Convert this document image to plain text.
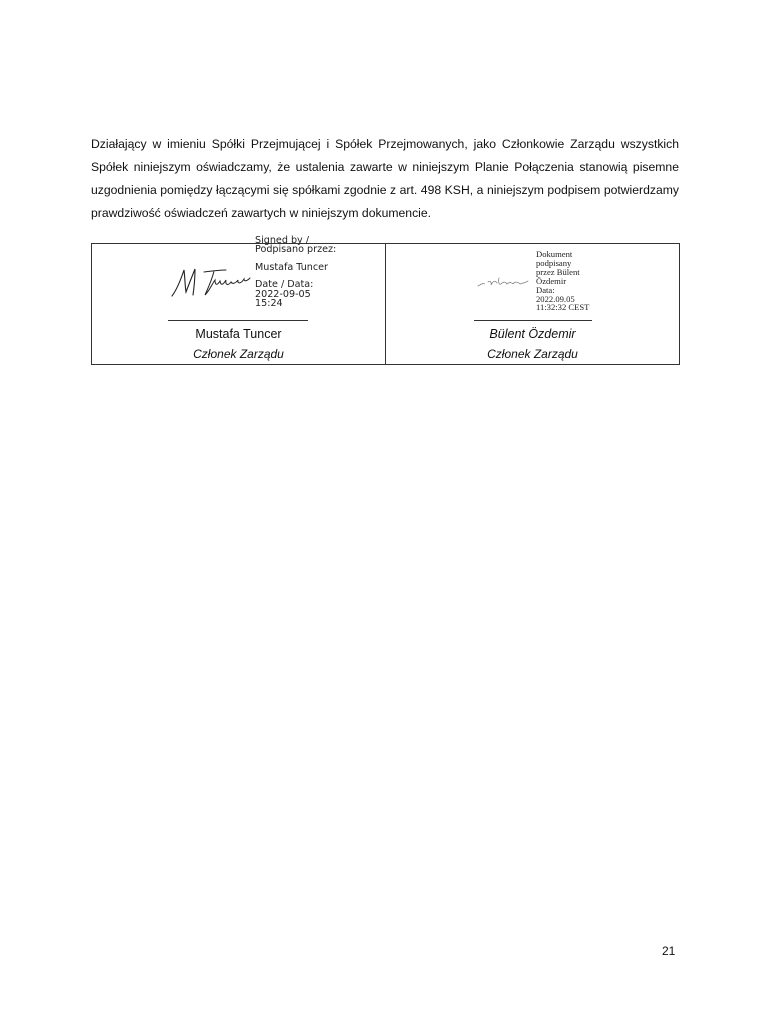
Działający w imieniu Spółki Przejmującej i Spółek Przejmowanych, jako Członkowie Zarządu wszystkich Spółek niniejszym oświadczamy, że ustalenia zawarte w niniejszym Planie Połączenia stanowią pisemne uzgodnienia pomiędzy łączącymi się spółkami zgodnie z art. 498 KSH, a niniejszym podpisem potwierdzamy prawdziwość oświadczeń zawartych w niniejszym dokumencie.

Signed by /
Podpisano przez:
Mustafa Tuncer
Date / Data:
2022-09-05
15:24
Mustafa Tuncer
Członek Zarządu
Dokument
podpisany
przez Bülent
Özdemir
Data:
2022.09.05
11:32:32 CEST
Bülent Özdemir
Członek Zarządu
21
